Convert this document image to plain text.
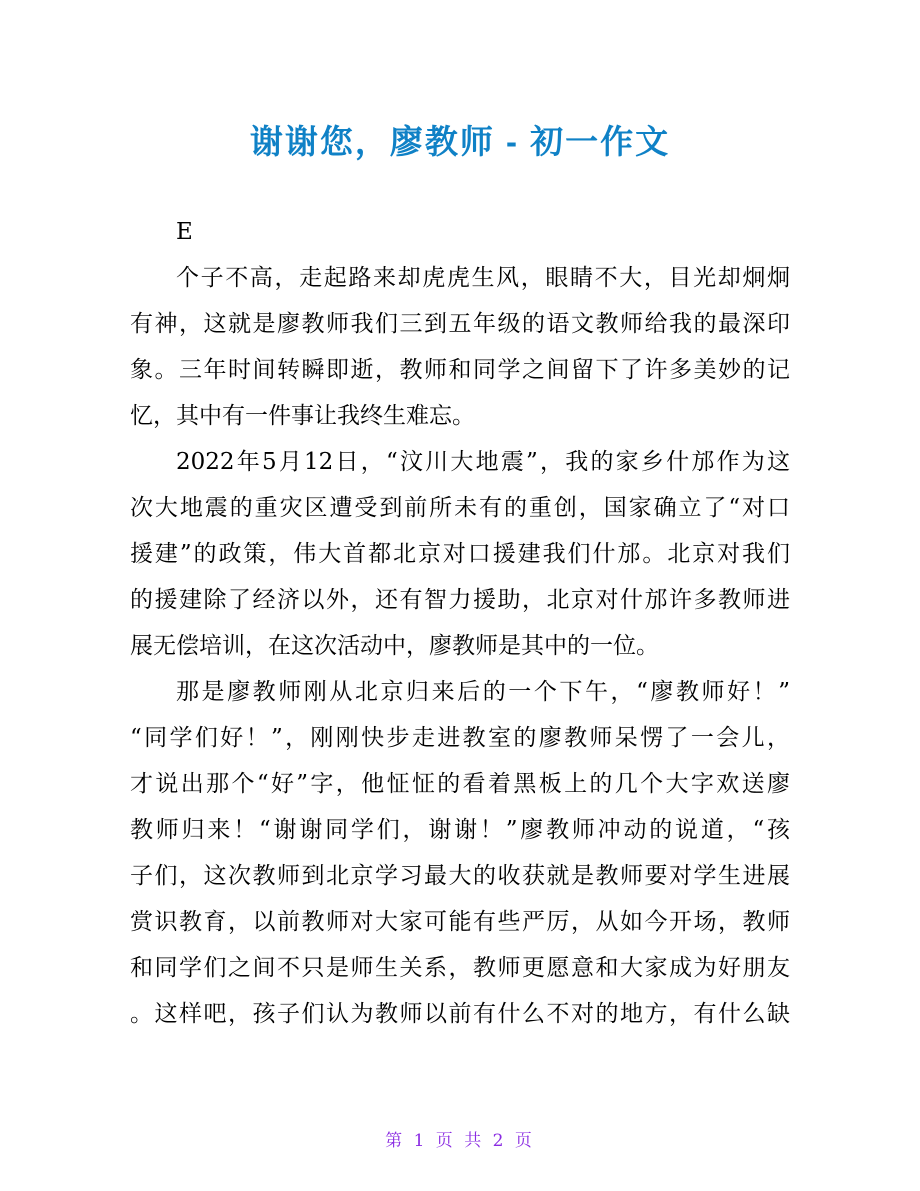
谢谢您，廖教师 - 初一作文
E
个子不高，走起路来却虎虎生风，眼睛不大，目光却炯炯
有神，这就是廖教师我们三到五年级的语文教师给我的最深印
象。三年时间转瞬即逝，教师和同学之间留下了许多美妙的记
忆，其中有一件事让我终生难忘。
2022年5月12日，“汶川大地震”，我的家乡什邡作为这
次大地震的重灾区遭受到前所未有的重创，国家确立了“对口
援建”的政策，伟大首都北京对口援建我们什邡。北京对我们
的援建除了经济以外，还有智力援助，北京对什邡许多教师进
展无偿培训，在这次活动中，廖教师是其中的一位。
那是廖教师刚从北京归来后的一个下午，“廖教师好！”
“同学们好！”，刚刚快步走进教室的廖教师呆愣了一会儿，
才说出那个“好”字，他怔怔的看着黑板上的几个大字欢送廖
教师归来！“谢谢同学们，谢谢！”廖教师冲动的说道，“孩
子们，这次教师到北京学习最大的收获就是教师要对学生进展
赏识教育，以前教师对大家可能有些严厉，从如今开场，教师
和同学们之间不只是师生关系，教师更愿意和大家成为好朋友
。这样吧，孩子们认为教师以前有什么不对的地方，有什么缺
第 1 页 共 2 页
